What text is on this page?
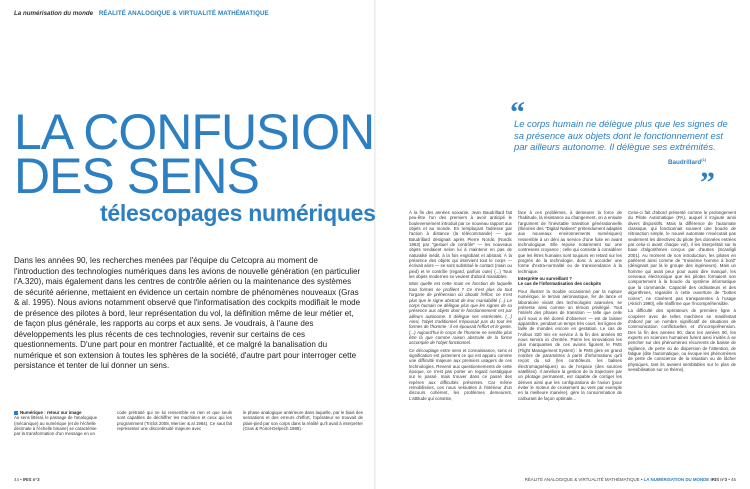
La numérisation du monde RÉALITÉ ANALOGIQUE & VIRTUALITÉ MATHÉMATIQUE
LA CONFUSION
DES SENS
télescopages numériques
Dans les années 90, les recherches menées par l'équipe du Cetcopra au moment de l'introduction des technologies numériques dans les avions de nouvelle génération (en particulier l'A.320), mais également dans les centres de contrôle aérien ou la maintenance des systèmes de sécurité aérienne, mettaient en évidence un certain nombre de phénomènes nouveaux (Gras & al. 1995). Nous avions notamment observé que l'informatisation des cockpits modifiait le mode de présence des pilotes à bord, leur représentation du vol, la définition même de leur métier et, de façon plus générale, les rapports au corps et aux sens. Je voudrais, à l'aune des développements les plus récents de ces technologies, revenir sur certains de ces questionnements. D'une part pour en montrer l'actualité, et ce malgré la banalisation du numérique et son extension à toutes les sphères de la société, d'autre part pour interroger cette persistance et tenter de lui donner un sens.
Numérique : retour sur image
Au sens littéral, le passage de l'analogique (mécanique) au numérique (et de l'échelle décimale à l'échelle binaire) se caractérise par la transformation d'un message en un

code prétraité qui ne lui ressemble en rien et que seuls sont capables de déchiffrer les machines et ceux qui les programment (Triclot 2008, Mercier & al 1984). Ce saut fait représenter une discontinuité majeure avec

le phase analogique antérieure dans laquelle, par le biais des sensations et des erreurs d'effort, l'opérateur se trouvait de plain-pied par son corps dans la réalité qu'il avait à interpréter (Gras & Poirot-Delpech 1989).

“
Le corps humain ne délègue plus que les signes de sa présence aux objets dont le fonctionnement est par ailleurs autonome. Il délègue ses extrémités.
Baudrillard$^{(1)}$
”

À la fin des années soixante, Jean Baudrillard fait peu-être l'un des premiers à avoir anticipé le bouleversement introduit par ce nouveau rapport aux objets et au monde. En remplaçant l'adresse par l'action à distance (la télécommande) — que Baudrillard désignait après Pierre Nordic (Nordic 1963) par "gestuel de contrôle" — les nouveaux objets tendaient selon lui à maintenir en pas de naturalité inédit, à la fois englobant et abstrait. À la présence des objets qui intervient tout le corps — écrivait alors — se sont substitué le contact (main ou pied) et le contrôle (regard, parfois ouïe) (...) Tous les objets modernes se veulent d'abord maniables.

Mais quelle est cette main en fonction de laquelle tous formes se profilent ? Ce n'est plus du tout l'organe de préhension où aboutit l'effort, ce n'est plus que le signe abstrait de leur maniabilité (...) Le corps humain ne délègue plus que les signes de sa présence aux objets dont le fonctionnement est par ailleurs autonome. Il délègue ses extrémités. (...) Ainsi, l'objet traditionnel n'épousait pas du tout les formes de l'homme : il en épousait l'effort et le geste. (...) Aujourd'hui le corps de l'homme ne semble plus être là que comme raison abstraite de la forme accomplie de l'objet fonctionnel.

Ce découplage entre sens et connaissance, sens et signification est justement ce qui est apparu comme une difficulté majeure aux premiers usagers de ces technologies. Revenir aux questionnements de cette époque, ce n'est pas porter un regard nostalgique sur le passé, mais trouver dans ce passé des repères aux difficultés présentes. Car même remobilisées, ces nous veloutées à l'intérieur d'un discours cohérent, les problèmes demeurent. L'attitude qui consiste,

face à ces problèmes, à demeurer la force de l'habitude, la résistance au changement, on a ensuite l'argument de l'inévitable transition générationnelle (théories des "Digital Natives" prétendument adaptés aux nouveaux environnements numériques) ressemble à un déni au service d'une fuite en avant technologique. Elle repose notamment sur une contresens croyance ; celle qui consiste à considérer que les êtres humains sont toujours en retard sur les progrès de la technologie, donc à accorder une forme d'extra-normalité ou de transcendance à la technique.

Interprète ou surveillant ?

Le cas de l'informatisation des cockpits

Pour illustrer la trouble occasionné par la rupture numérique, le terrain aéronautique, fer de lance et laboratoire vivant des technologies avancées, se présente ainsi comme un témoin privilégié. Tout l'intérêt des phases de transition — telle que celle qu'il nous a été donné d'observer — est de laisser apparaître, pendant un temps très court, les lignes de faille de mondes encore en gestation. Le cas de l'Airbus 320 mis en service à la fin des années 80 nous servira ici d'entrée. Parmi les innovations les plus marquantes de ces avions figurent le FMS (Flight Management System) : le FMS gère en grand nombre de paramètres à partir d'informations qu'il reçoit du sol (les contrôleurs, les balises électromagnétiques) ou de l'espace (des sources satellites). Il améliore la gestion de la trajectoire par un pilotage permanent, est capable de corriger les dérives ainsi que les configurations de l'avion (pour éviter le moteur de croisement au vent par exemple en la meilleure manière), gère la consommation de carburant de façon optimale...

Celui-ci fait d'abord présenté comme le prolongement du Pilote Automatique (PA), auquel il s'ajoute ainsi divers dispositifs. Mais la différence de l'automate classique, qui fonctionnait souvent une boucle de rétroaction simple, le nouvel automate n'exécutait pas seulement les directives du pilote (les données entrées par celui-ci avant chaque vol), il les interprétait sur la base d'algorithmes conçus par d'autres (Scardigli 2001). Au moment de son introduction, les pilotes en parlèrent ainsi comme de "troisième homme à bord" (désignant par là le groupe des ingénieurs). Mais un homme qui avait peur pour aussi dire manqué, les cerveaux électronique que les pilotes formaient son comportement à la boucle du système informatique que la commande. Capacité des ordinateurs et des algorithmes, regardés à cette ouverture de "bottes noires", ne s'avèrent pas transparentes à l'usage (Akrich 1990), elle réaffirme que l'incompréhensible.

La difficulté des opérateurs de première ligne à coopérer avec de telles machines se manifestait d'abord par un nombre significatif de situations de communication conflictuelles et d'incompréhension. Des la fin des années 80, dans les années 90, les experts en sciences humaines furent ainsi invités à se pencher sur des phénomènes récurrents de baisse de vigilance, de perte ou de dispersion de l'attention, de fatigue (dite l'automatique, ou évoque les phénomènes de perte de conscience de la situation ou de lâcher physiques, tant ils avaient semblables sur le plan de sensibilisation sur ce thème).

44 • IRIS n°3	RÉALITÉ ANALOGIQUE & VIRTUALITÉ MATHÉMATIQUE • LA NUMÉRISATION DU MONDE IRIS n°3 • 45
